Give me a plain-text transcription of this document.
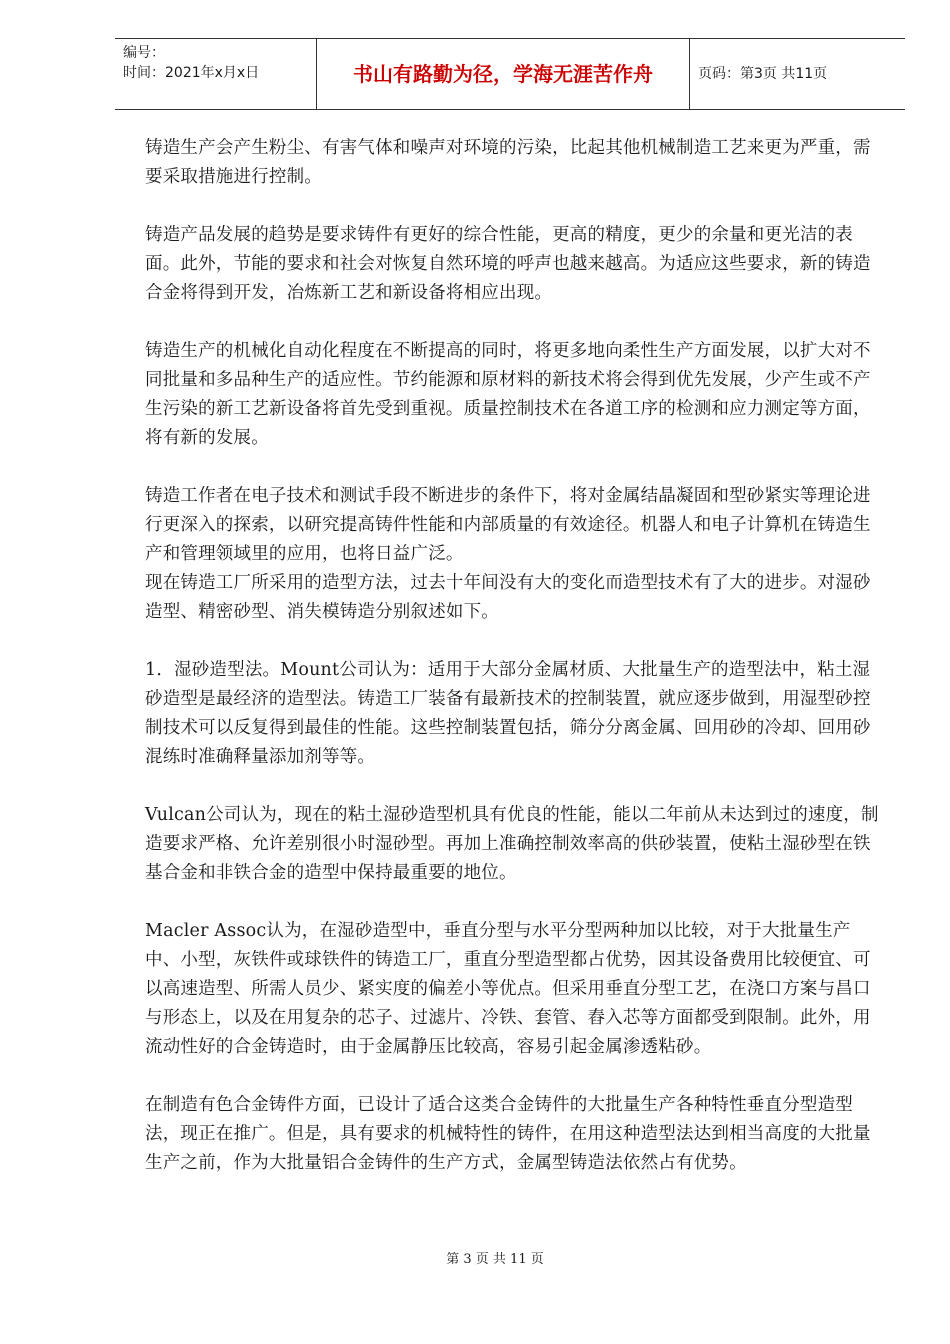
编号：
时间：2021年x月x日	书山有路勤为径，学海无涯苦作舟	页码：第3页 共11页

铸造生产会产生粉尘、有害气体和噪声对环境的污染，比起其他机械制造工艺来更为严重，需要采取措施进行控制。

铸造产品发展的趋势是要求铸件有更好的综合性能，更高的精度，更少的余量和更光洁的表面。此外，节能的要求和社会对恢复自然环境的呼声也越来越高。为适应这些要求，新的铸造合金将得到开发，冶炼新工艺和新设备将相应出现。

铸造生产的机械化自动化程度在不断提高的同时，将更多地向柔性生产方面发展，以扩大对不同批量和多品种生产的适应性。节约能源和原材料的新技术将会得到优先发展，少产生或不产生污染的新工艺新设备将首先受到重视。质量控制技术在各道工序的检测和应力测定等方面，将有新的发展。

铸造工作者在电子技术和测试手段不断进步的条件下，将对金属结晶凝固和型砂紧实等理论进行更深入的探索，以研究提高铸件性能和内部质量的有效途径。机器人和电子计算机在铸造生产和管理领域里的应用，也将日益广泛。

现在铸造工厂所采用的造型方法，过去十年间没有大的变化而造型技术有了大的进步。对湿砂造型、精密砂型、消失模铸造分别叙述如下。

1．湿砂造型法。Mount公司认为：适用于大部分金属材质、大批量生产的造型法中，粘土湿砂造型是最经济的造型法。铸造工厂装备有最新技术的控制装置，就应逐步做到，用湿型砂控制技术可以反复得到最佳的性能。这些控制装置包括，筛分分离金属、回用砂的冷却、回用砂混练时准确释量添加剂等等。

Vulcan公司认为，现在的粘土湿砂造型机具有优良的性能，能以二年前从未达到过的速度，制造要求严格、允许差别很小时湿砂型。再加上准确控制效率高的供砂装置，使粘土湿砂型在铁基合金和非铁合金的造型中保持最重要的地位。

Macler Assoc认为，在湿砂造型中，垂直分型与水平分型两种加以比较，对于大批量生产中、小型，灰铁件或球铁件的铸造工厂，重直分型造型都占优势，因其设备费用比较便宜、可以高速造型、所需人员少、紧实度的偏差小等优点。但采用垂直分型工艺，在浇口方案与昌口与形态上，以及在用复杂的芯子、过滤片、冷铁、套管、舂入芯等方面都受到限制。此外，用流动性好的合金铸造时，由于金属静压比较高，容易引起金属渗透粘砂。

在制造有色合金铸件方面，已设计了适合这类合金铸件的大批量生产各种特性垂直分型造型法，现正在推广。但是，具有要求的机械特性的铸件，在用这种造型法达到相当高度的大批量生产之前，作为大批量铝合金铸件的生产方式，金属型铸造法依然占有优势。

第 3 页 共 11 页
